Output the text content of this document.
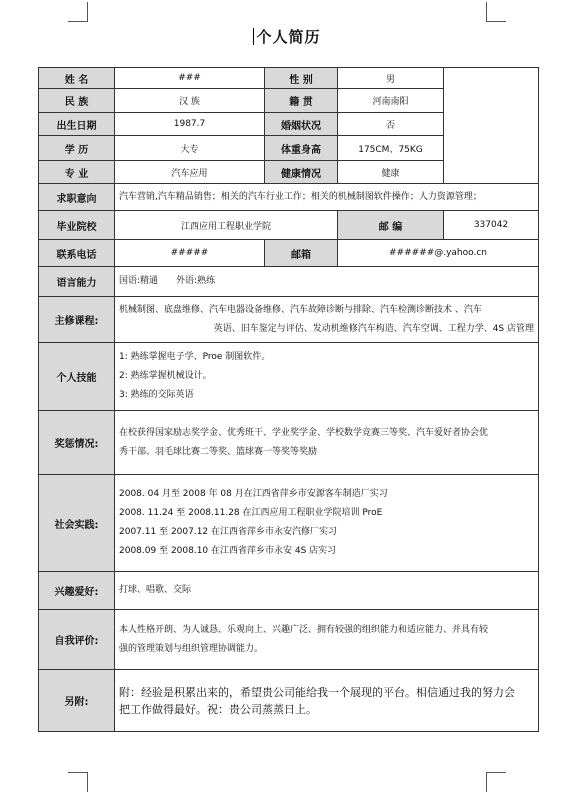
个人简历
姓 名	###	性 别	男	
民 族	汉 族	籍 贯	河南南阳	
出生日期	1987.7	婚姻状况	否	
学 历	大专	体重身高	175CM、75KG	
专 业	汽车应用	健康情况	健康	
求职意向	汽车营销,汽车精品销售；相关的汽车行业工作；相关的机械制图软件操作；人力资源管理；			
毕业院校	江西应用工程职业学院		邮 编	337042
联系电话	#####	邮箱	######@.yahoo.cn	
语言能力	国语:精通　　外语:熟练			
主修课程:	机械制图、底盘维修、汽车电器设备维修、汽车故障诊断与排除、汽车检测诊断技术 、汽车
英语、旧车鉴定与评估、发动机维修汽车构造、汽车空调、工程力学、4S 店管理			

个人技能	1: 熟练掌握电子学、Proe 制图软件。
2: 熟练掌握机械设计。
3: 熟练的交际英语			

奖惩情况:	在校获得国家励志奖学金、优秀班干、学业奖学金、学校数学竞赛三等奖、汽车爱好者协会优
秀干部、羽毛球比赛二等奖、篮球赛一等奖等奖励			

社会实践:	2008. 04 月至 2008 年 08 月在江西省萍乡市安源客车制造厂实习
2008. 11.24 至 2008.11.28 在江西应用工程职业学院培训 ProE
2007.11 至 2007.12 在江西省萍乡市永安汽修厂实习
2008.09 至 2008.10 在江西省萍乡市永安 4S 店实习			

兴趣爱好:	打球、唱歌、交际			
自我评价:	本人性格开朗、为人诚恳、乐观向上、兴趣广泛、拥有较强的组织能力和适应能力、并具有较
强的管理策划与组织管理协调能力。			

另附:	附：经验是积累出来的，希望贵公司能给我一个展现的平台。相信通过我的努力会
把工作做得最好。祝：贵公司蒸蒸日上。			
